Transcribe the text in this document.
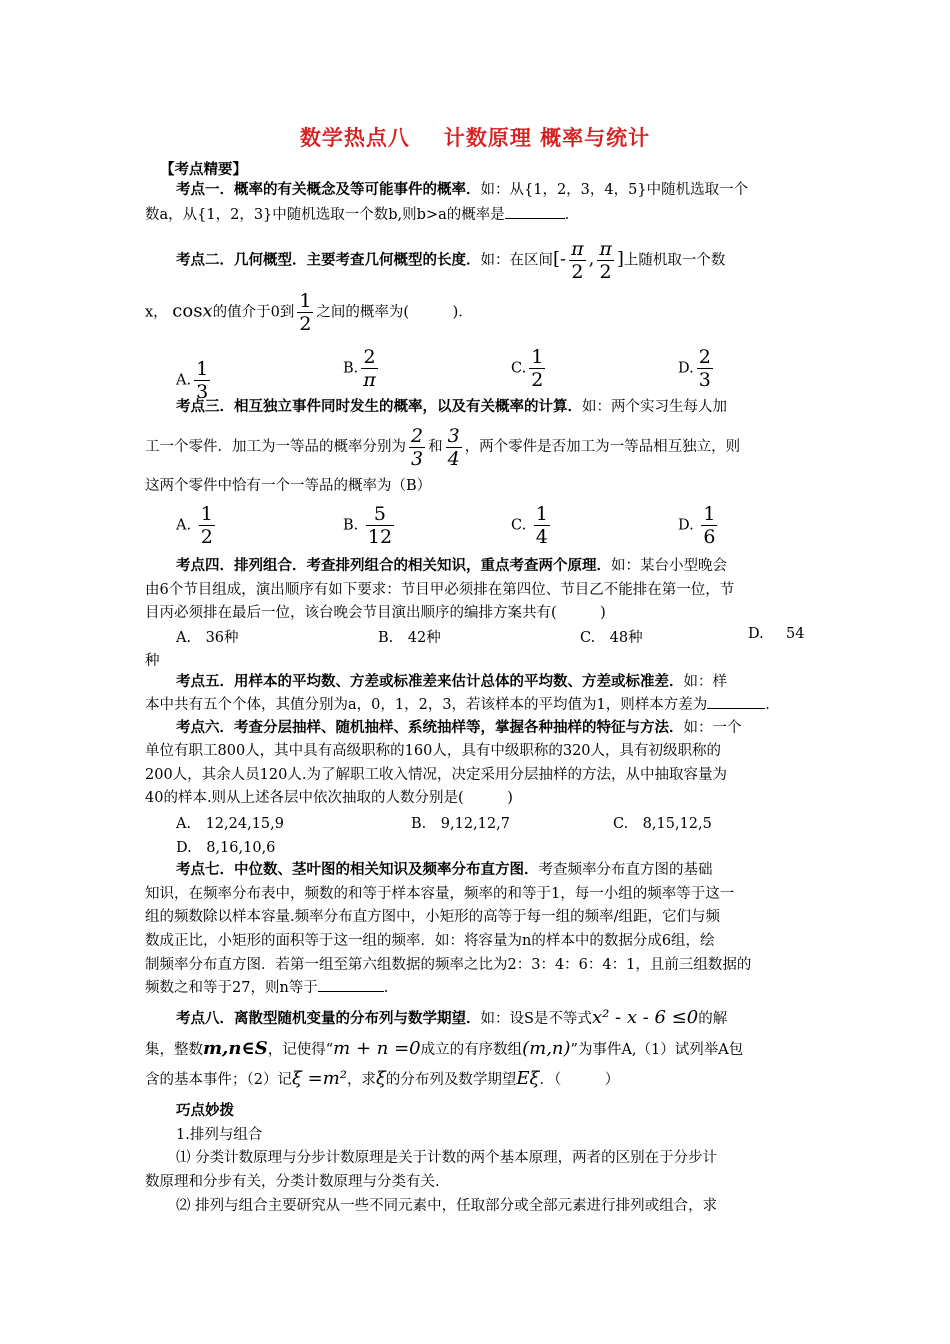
数学热点八 计数原理 概率与统计
【考点精要】
考点一．概率的有关概念及等可能事件的概率．如：从{1，2，3，4，5}中随机选取一个
数a，从{1，2，3}中随机选取一个数b,则b>a的概率是	．
考点二．几何概型．主要考查几何概型的长度．如：在区间[- $\frac{\pi}{2}$ , $\frac{\pi}{2}$ ]上随机取一个数
x， cosx的值介于0到 $\frac{1}{2}$ 之间的概率为(　　　)．
A. $\frac{1}{3}$	B. $\frac{2}{\pi}$	C. $\frac{1}{2}$	D. $\frac{2}{3}$
考点三．相互独立事件同时发生的概率，以及有关概率的计算．如：两个实习生每人加
工一个零件．加工为一等品的概率分别为 $\frac{2}{3}$ 和 $\frac{3}{4}$ ，两个零件是否加工为一等品相互独立，则
这两个零件中恰有一个一等品的概率为（B）
A. $\frac{1}{2}$	B. $\frac{5}{12}$	C. $\frac{1}{4}$	D. $\frac{1}{6}$
考点四．排列组合．考查排列组合的相关知识，重点考查两个原理．如：某台小型晚会
由6个节目组成，演出顺序有如下要求：节目甲必须排在第四位、节目乙不能排在第一位，节
目丙必须排在最后一位，该台晚会节目演出顺序的编排方案共有(　　　)
A.　36种	B.　42种	C.　48种	D. 54
种
考点五．用样本的平均数、方差或标准差来估计总体的平均数、方差或标准差．如：样
本中共有五个个体，其值分别为a，0，1，2，3，若该样本的平均值为1，则样本方差为	．
考点六．考查分层抽样、随机抽样、系统抽样等，掌握各种抽样的特征与方法．如：一个
单位有职工800人，其中具有高级职称的160人，具有中级职称的320人，具有初级职称的
200人，其余人员120人.为了解职工收入情况，决定采用分层抽样的方法，从中抽取容量为
40的样本.则从上述各层中依次抽取的人数分别是(　　　)
A.　12,24,15,9	B.　9,12,12,7	C.　8,15,12,5
D.　8,16,10,6
考点七．中位数、茎叶图的相关知识及频率分布直方图．考查频率分布直方图的基础
知识，在频率分布表中，频数的和等于样本容量，频率的和等于1，每一小组的频率等于这一
组的频数除以样本容量.频率分布直方图中，小矩形的高等于每一组的频率/组距，它们与频
数成正比，小矩形的面积等于这一组的频率．如：将容量为n的样本中的数据分成6组，绘
制频率分布直方图．若第一组至第六组数据的频率之比为2：3：4：6：4：1，且前三组数据的
频数之和等于27，则n等于	.
考点八．离散型随机变量的分布列与数学期望．如：设S是不等式x² - x - 6 ≤0的解
集，整数m,n∈S，记使得“m + n =0成立的有序数组(m,n)”为事件A,（1）试列举A包
含的基本事件；（2）记ξ =m²，求ξ的分布列及数学期望Eξ．（　　　）
巧点妙拨
1.排列与组合
⑴ 分类计数原理与分步计数原理是关于计数的两个基本原理，两者的区别在于分步计
数原理和分步有关，分类计数原理与分类有关.
⑵ 排列与组合主要研究从一些不同元素中，任取部分或全部元素进行排列或组合，求
